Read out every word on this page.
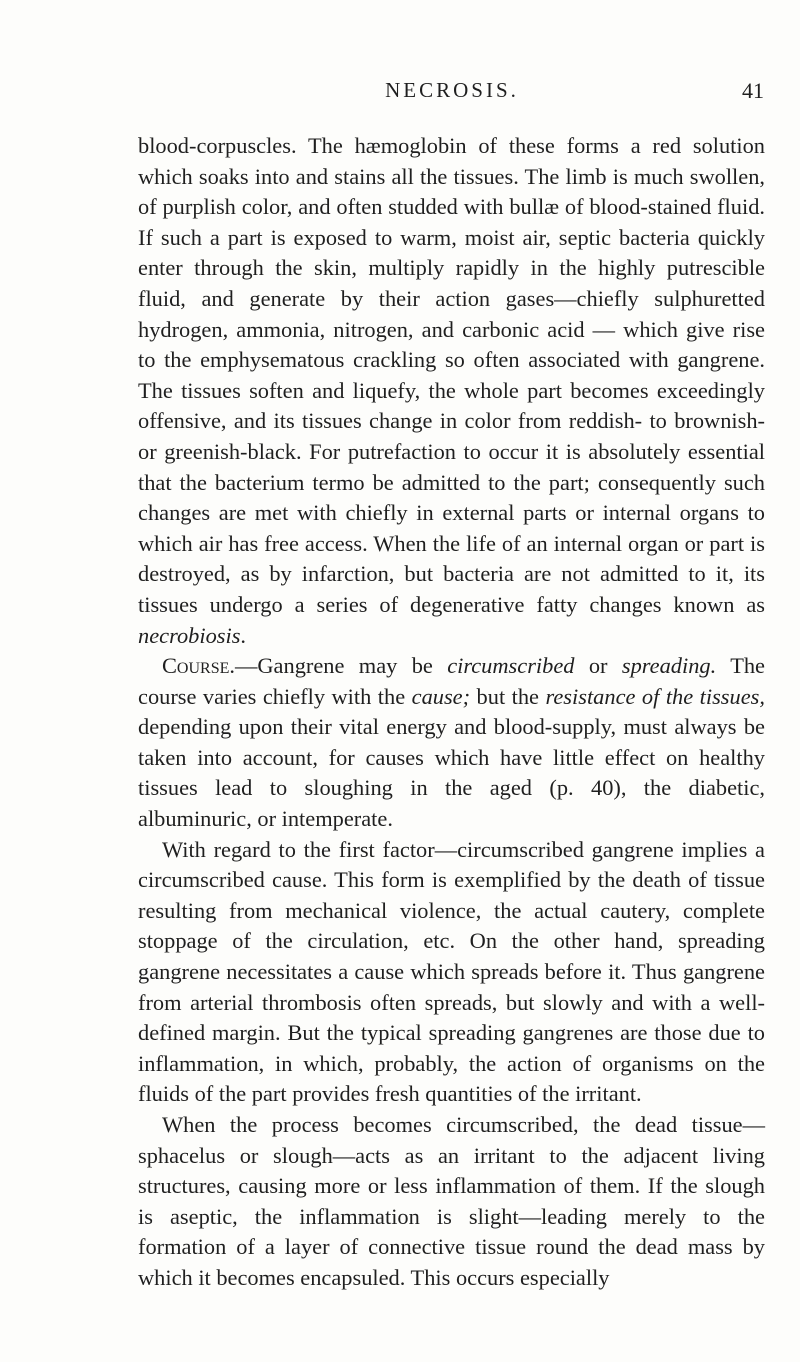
NECROSIS.	41

blood-corpuscles. The hæmoglobin of these forms a red solution which soaks into and stains all the tissues. The limb is much swollen, of purplish color, and often studded with bullæ of blood-stained fluid. If such a part is exposed to warm, moist air, septic bacteria quickly enter through the skin, multiply rapidly in the highly putrescible fluid, and generate by their action gases—chiefly sulphuretted hydrogen, ammonia, nitrogen, and carbonic acid — which give rise to the emphysematous crackling so often associated with gangrene. The tissues soften and liquefy, the whole part becomes exceedingly offensive, and its tissues change in color from reddish- to brownish- or greenish-black. For putrefaction to occur it is absolutely essential that the bacterium termo be admitted to the part; consequently such changes are met with chiefly in external parts or internal organs to which air has free access. When the life of an internal organ or part is destroyed, as by infarction, but bacteria are not admitted to it, its tissues undergo a series of degenerative fatty changes known as necrobiosis.

Course.—Gangrene may be circumscribed or spreading. The course varies chiefly with the cause; but the resistance of the tissues, depending upon their vital energy and blood-supply, must always be taken into account, for causes which have little effect on healthy tissues lead to sloughing in the aged (p. 40), the diabetic, albuminuric, or intemperate.

With regard to the first factor—circumscribed gangrene implies a circumscribed cause. This form is exemplified by the death of tissue resulting from mechanical violence, the actual cautery, complete stoppage of the circulation, etc. On the other hand, spreading gangrene necessitates a cause which spreads before it. Thus gangrene from arterial thrombosis often spreads, but slowly and with a well-defined margin. But the typical spreading gangrenes are those due to inflammation, in which, probably, the action of organisms on the fluids of the part provides fresh quantities of the irritant.

When the process becomes circumscribed, the dead tissue—sphacelus or slough—acts as an irritant to the adjacent living structures, causing more or less inflammation of them. If the slough is aseptic, the inflammation is slight—leading merely to the formation of a layer of connective tissue round the dead mass by which it becomes encapsuled. This occurs especially
